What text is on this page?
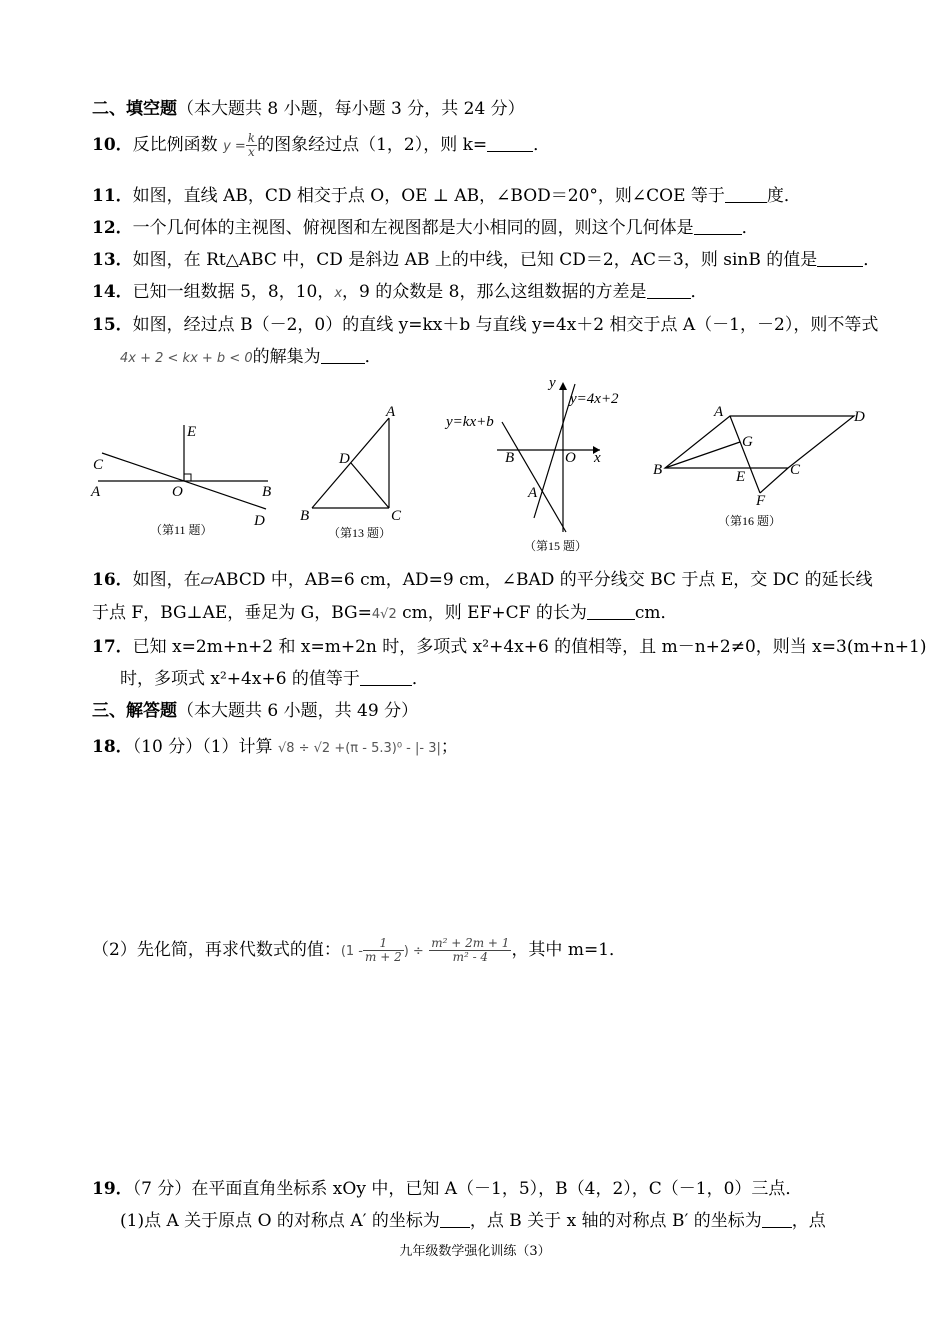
二、填空题（本大题共 8 小题，每小题 3 分，共 24 分）
10．反比例函数 $y = \frac{k}{x}$ 的图象经过点（1，2），则 k=	．
11．如图，直线 AB，CD 相交于点 O，OE ⊥ AB，∠BOD＝20°，则∠COE 等于 度．
12．一个几何体的主视图、俯视图和左视图都是大小相同的圆，则这个几何体是	．
13．如图，在 Rt△ABC 中，CD 是斜边 AB 上的中线，已知 CD＝2，AC＝3，则 sinB 的值是	．
14．已知一组数据 5，8，10，x，9 的众数是 8，那么这组数据的方差是	．
15．如图，经过点 B（－2，0）的直线 y=kx＋b 与直线 y=4x＋2 相交于点 A（－1，－2），则不等式
4x + 2 < kx + b < 0的解集为	．
E
C
A	O	B
D
（第11 题）
A
D
B	C
（第13 题）
y
y=4x+2
y=kx+b
B	O x
A
（第15 题）
A	D
G
B	E	C
F
（第16 题）
16．如图，在▱ABCD 中，AB=6 cm，AD=9 cm，∠BAD 的平分线交 BC 于点 E，交 DC 的延长线
于点 F，BG⊥AE，垂足为 G，BG=4√2 cm，则 EF+CF 的长为	cm．
17．已知 x=2m+n+2 和 x=m+2n 时，多项式 x²+4x+6 的值相等，且 m－n+2≠0，则当 x=3(m+n+1)
时，多项式 x²+4x+6 的值等于	．
三、解答题（本大题共 6 小题，共 49 分）
18．（10 分）（1）计算 √8 ÷ √2 +(π - 5.3)⁰ - |- 3|；
（2）先化简，再求代数式的值：($1 - \frac{1}{m + 2}$ ) ÷ $\frac{\text{m² + 2m + 1}}{\text{m² - 4}}$ ，其中 m=1．
19．（7 分）在平面直角坐标系 xOy 中，已知 A（－1，5），B（4，2），C（－1，0）三点．
(1)点 A 关于原点 O 的对称点 A′ 的坐标为 ，点 B 关于 x 轴的对称点 B′ 的坐标为 ，点
九年级数学强化训练（3）
